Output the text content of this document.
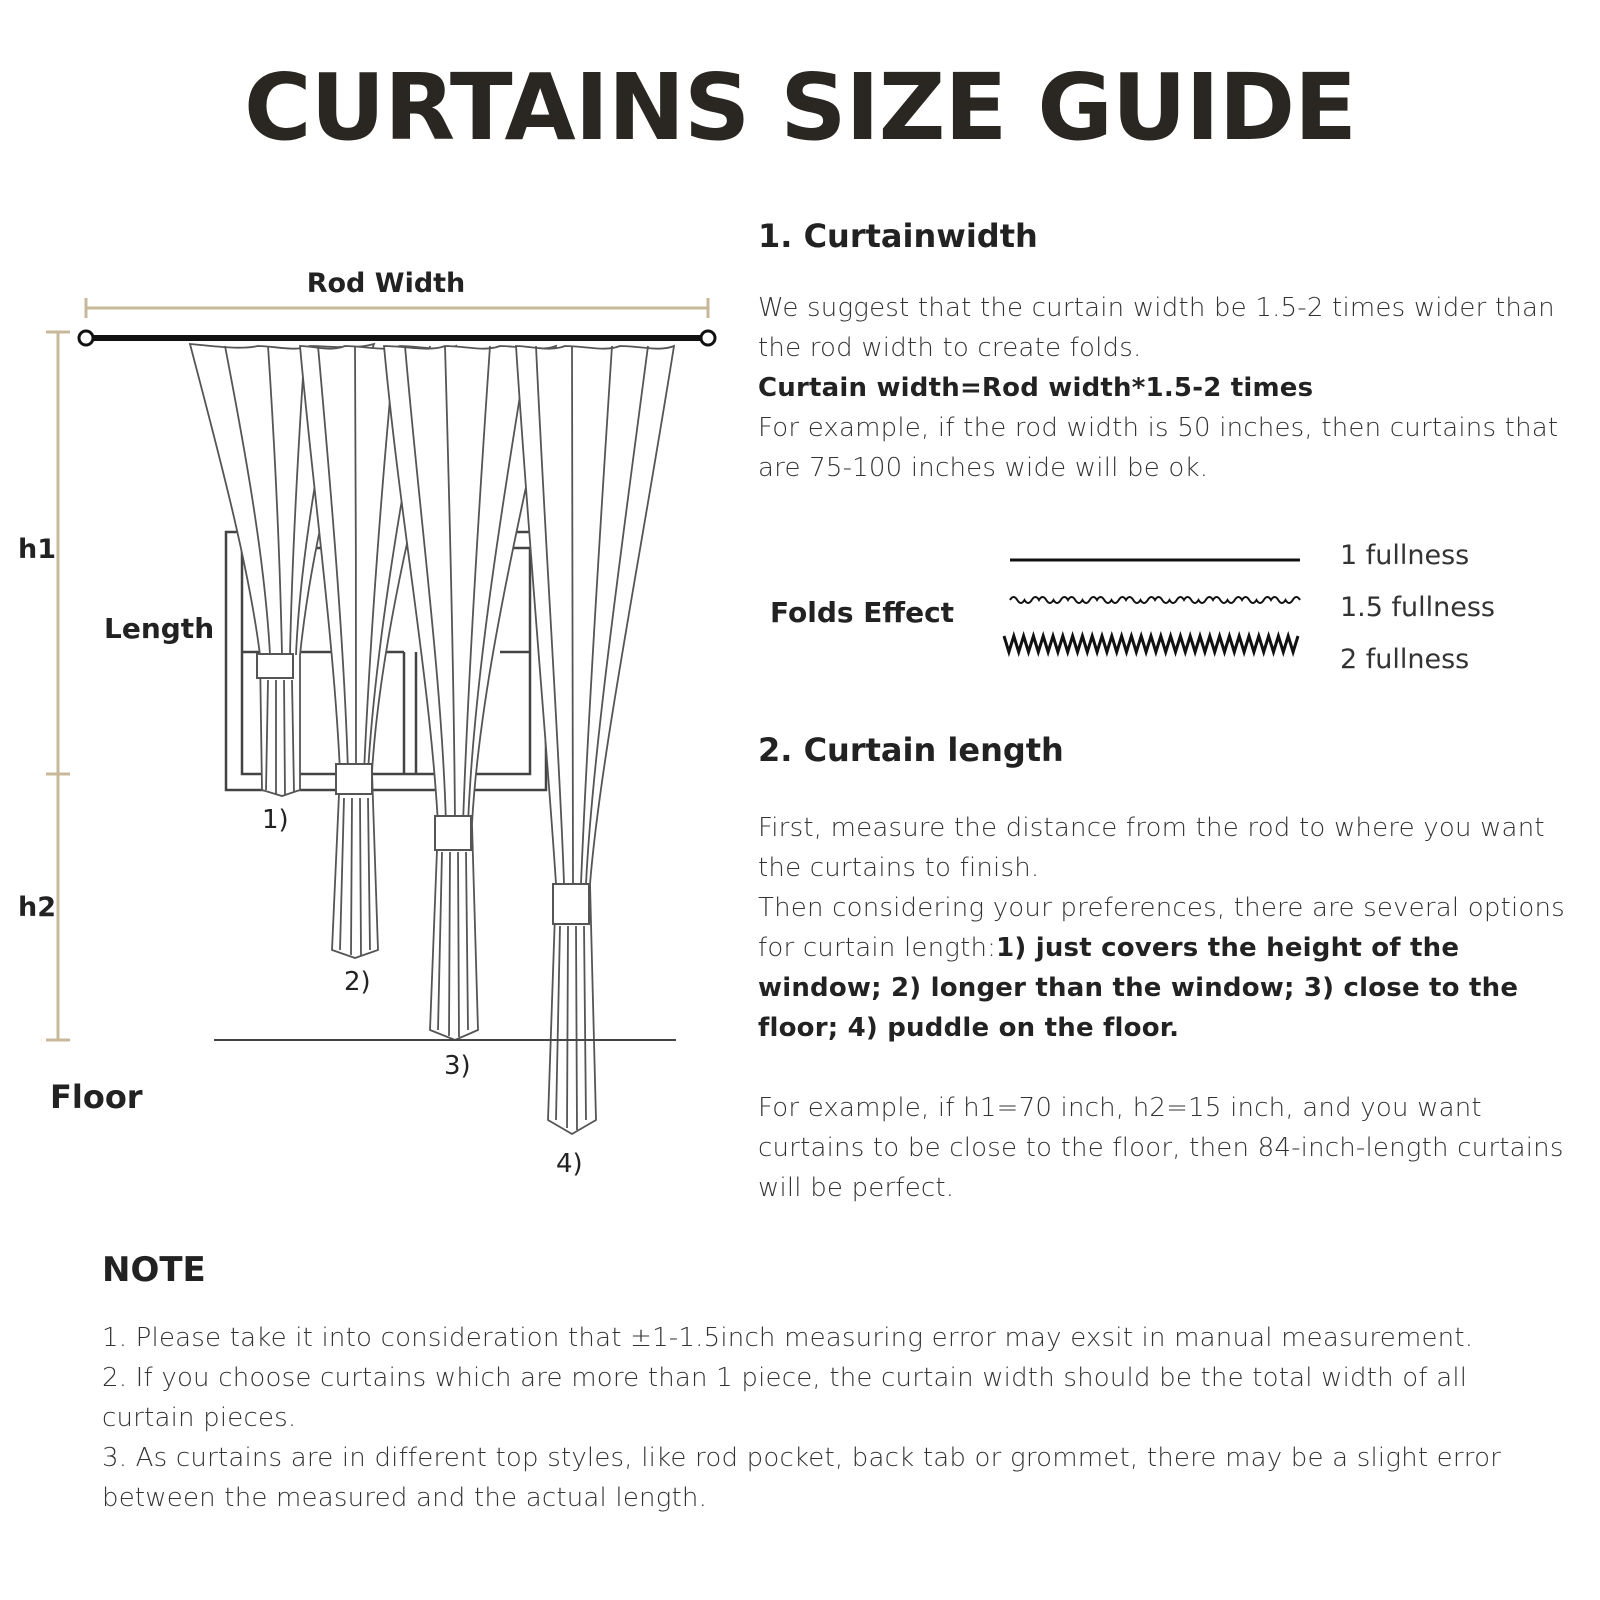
CURTAINS SIZE GUIDE
Rod Width
h1
h2
Length
Floor
1)
2)
3)
4)
1. Curtainwidth

We suggest that the curtain width be 1.5-2 times wider than the rod width to create folds.

Curtain width=Rod width*1.5-2 times

For example, if the rod width is 50 inches, then curtains that are 75-100 inches wide will be ok.

Folds Effect
1 fullness
1.5 fullness
2 fullness
2. Curtain length

First, measure the distance from the rod to where you want the curtains to finish.

Then considering your preferences, there are several options for curtain length:1) just covers the height of the window; 2) longer than the window; 3) close to the floor; 4) puddle on the floor.

For example, if h1=70 inch, h2=15 inch, and you want curtains to be close to the floor, then 84-inch-length curtains will be perfect.
NOTE

1. Please take it into consideration that ±1-1.5inch measuring error may exsit in manual measurement.

2. If you choose curtains which are more than 1 piece, the curtain width should be the total width of all curtain pieces.

3. As curtains are in different top styles, like rod pocket, back tab or grommet, there may be a slight error between the measured and the actual length.
